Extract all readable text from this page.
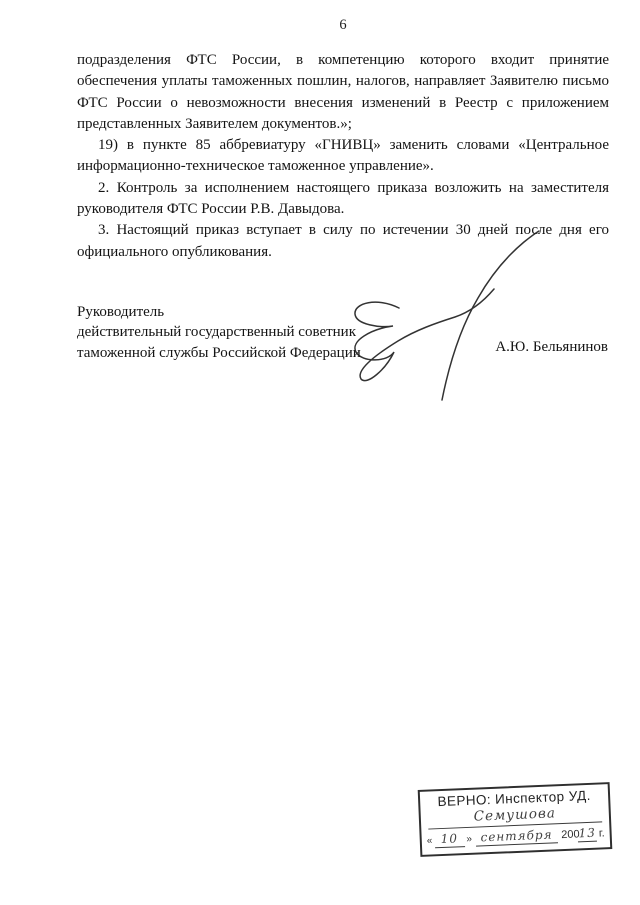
6
подразделения ФТС России, в компетенцию которого входит принятие
обеспечения уплаты таможенных пошлин, налогов, направляет Заявителю письмо
ФТС России о невозможности внесения изменений в Реестр с приложением
представленных Заявителем документов.»;
19) в пункте 85 аббревиатуру «ГНИВЦ» заменить словами «Центральное
информационно-техническое таможенное управление».
2. Контроль за исполнением настоящего приказа возложить на заместителя
руководителя ФТС России Р.В. Давыдова.
3. Настоящий приказ вступает в силу по истечении 30 дней после дня его
официального опубликования.
Руководитель
действительный государственный советник
таможенной службы Российской Федерации	А.Ю. Бельянинов
ВЕРНО: Инспектор УД.
Семушова
« 10 » сентября 200
13 г.
